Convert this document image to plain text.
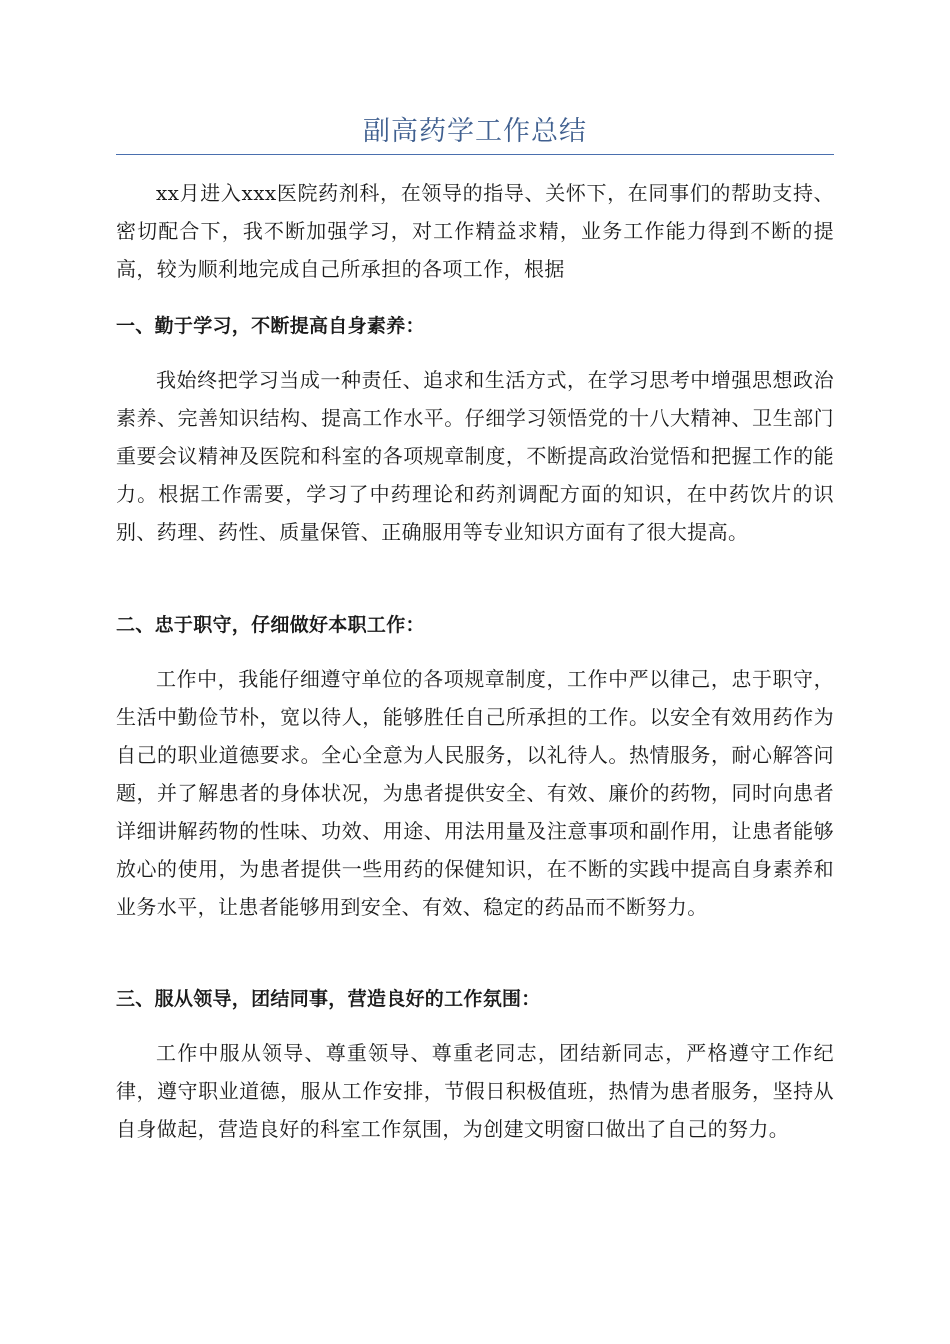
副高药学工作总结

xx月进入xxx医院药剂科，在领导的指导、关怀下，在同事们的帮助支持、密切配合下，我不断加强学习，对工作精益求精，业务工作能力得到不断的提高，较为顺利地完成自己所承担的各项工作，根据

一、勤于学习，不断提高自身素养：

我始终把学习当成一种责任、追求和生活方式，在学习思考中增强思想政治素养、完善知识结构、提高工作水平。仔细学习领悟党的十八大精神、卫生部门重要会议精神及医院和科室的各项规章制度，不断提高政治觉悟和把握工作的能力。根据工作需要，学习了中药理论和药剂调配方面的知识，在中药饮片的识别、药理、药性、质量保管、正确服用等专业知识方面有了很大提高。

二、忠于职守，仔细做好本职工作：

工作中，我能仔细遵守单位的各项规章制度，工作中严以律己，忠于职守，生活中勤俭节朴，宽以待人，能够胜任自己所承担的工作。以安全有效用药作为自己的职业道德要求。全心全意为人民服务，以礼待人。热情服务，耐心解答问题，并了解患者的身体状况，为患者提供安全、有效、廉价的药物，同时向患者详细讲解药物的性味、功效、用途、用法用量及注意事项和副作用，让患者能够放心的使用，为患者提供一些用药的保健知识，在不断的实践中提高自身素养和业务水平，让患者能够用到安全、有效、稳定的药品而不断努力。

三、服从领导，团结同事，营造良好的工作氛围：

工作中服从领导、尊重领导、尊重老同志，团结新同志，严格遵守工作纪律，遵守职业道德，服从工作安排，节假日积极值班，热情为患者服务，坚持从自身做起，营造良好的科室工作氛围，为创建文明窗口做出了自己的努力。
